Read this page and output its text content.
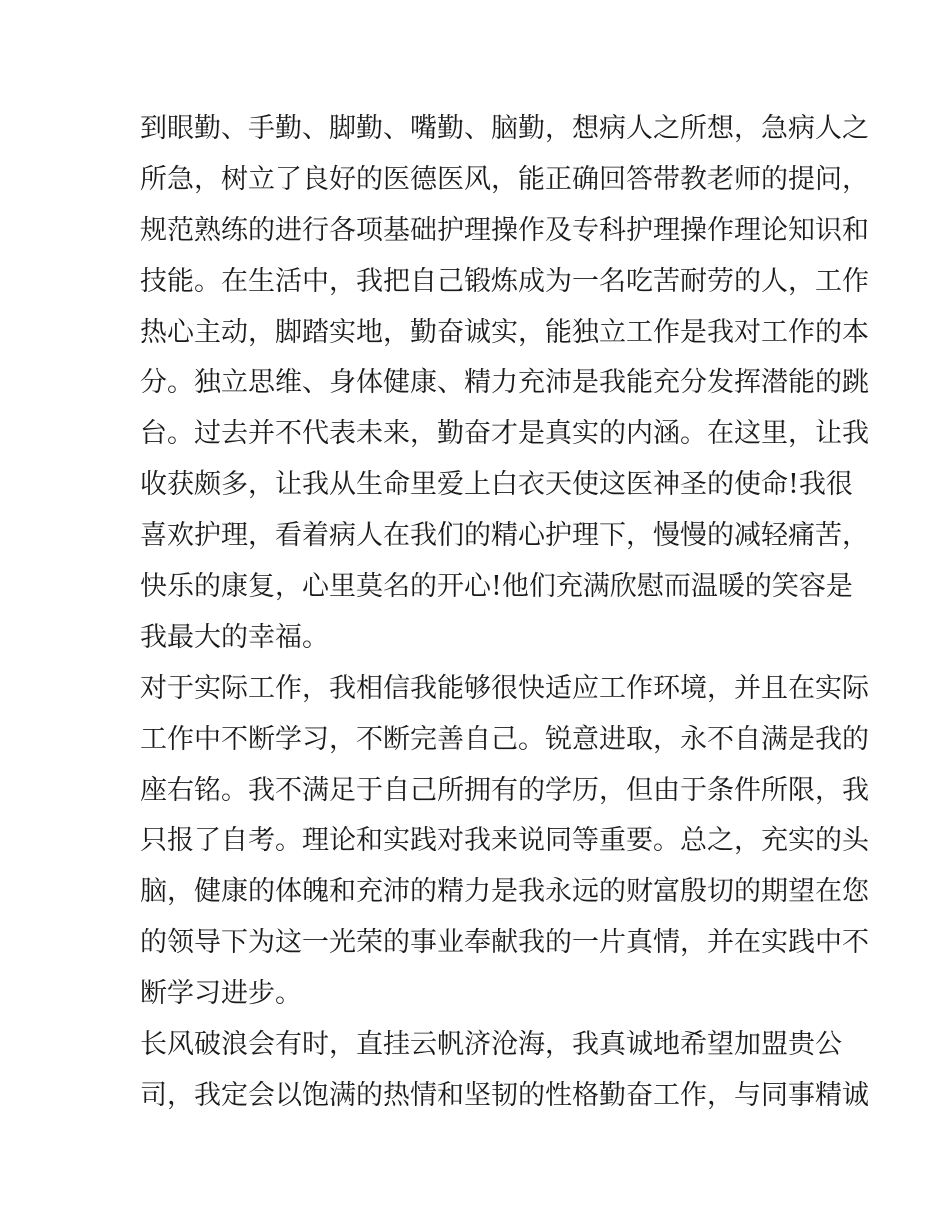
到眼勤、手勤、脚勤、嘴勤、脑勤，想病人之所想，急病人之
所急，树立了良好的医德医风，能正确回答带教老师的提问，
规范熟练的进行各项基础护理操作及专科护理操作理论知识和
技能。在生活中，我把自己锻炼成为一名吃苦耐劳的人，工作
热心主动，脚踏实地，勤奋诚实，能独立工作是我对工作的本
分。独立思维、身体健康、精力充沛是我能充分发挥潜能的跳
台。过去并不代表未来，勤奋才是真实的内涵。在这里，让我
收获颇多，让我从生命里爱上白衣天使这医神圣的使命!我很
喜欢护理，看着病人在我们的精心护理下，慢慢的减轻痛苦，
快乐的康复，心里莫名的开心!他们充满欣慰而温暖的笑容是
我最大的幸福。
对于实际工作，我相信我能够很快适应工作环境，并且在实际
工作中不断学习，不断完善自己。锐意进取，永不自满是我的
座右铭。我不满足于自己所拥有的学历，但由于条件所限，我
只报了自考。理论和实践对我来说同等重要。总之，充实的头
脑，健康的体魄和充沛的精力是我永远的财富殷切的期望在您
的领导下为这一光荣的事业奉献我的一片真情，并在实践中不
断学习进步。
长风破浪会有时，直挂云帆济沧海，我真诚地希望加盟贵公
司，我定会以饱满的热情和坚韧的性格勤奋工作，与同事精诚
